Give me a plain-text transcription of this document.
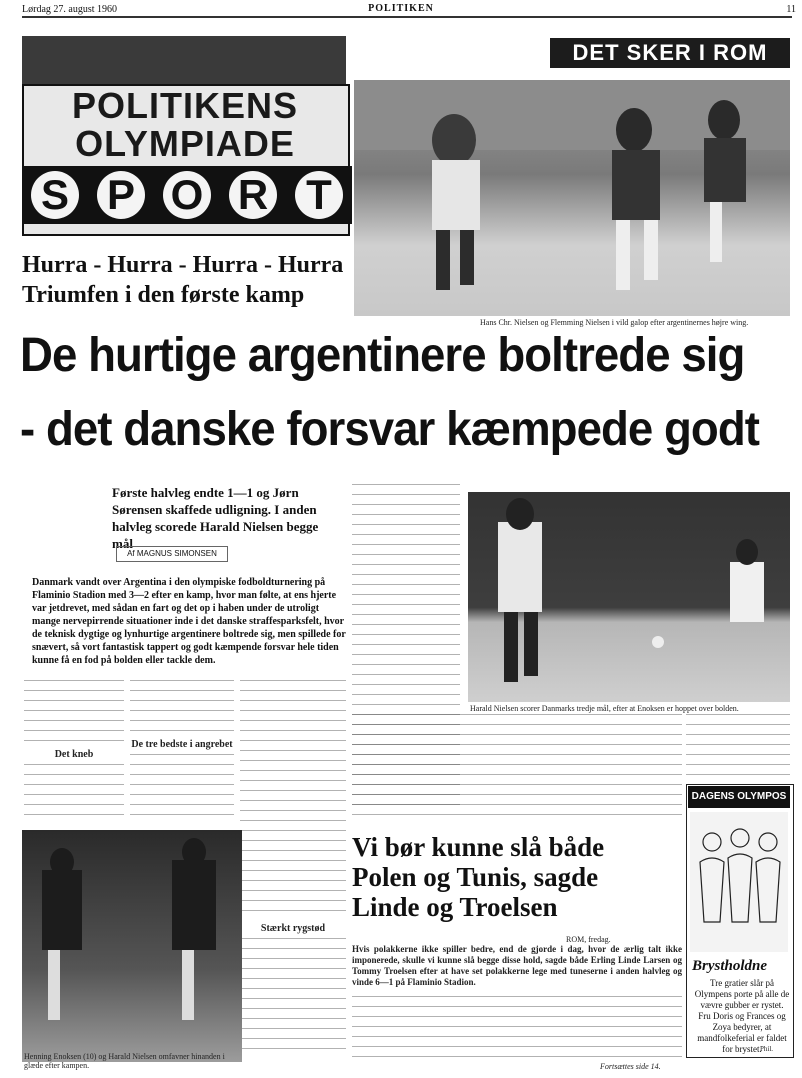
Lørdag 27. august 1960	POLITIKEN	11
DET SKER I ROM
POLITIKENS
OLYMPIADE
S P O R T
Hans Chr. Nielsen og Flemming Nielsen i vild galop efter argentinernes højre wing.
Hurra - Hurra - Hurra - Hurra
Triumfen i den første kamp
De hurtige argentinere boltrede sig
- det danske forsvar kæmpede godt
Første halvleg endte 1—1 og Jørn Sørensen skaffede udligning. I anden halvleg scorede Harald Nielsen begge mål
Af MAGNUS SIMONSEN
Danmark vandt over Argentina i den olympiske fodboldturnering på Flaminio Stadion med 3—2 efter en kamp, hvor man følte, at ens hjerte var jetdrevet, med sådan en fart og det op i haben under de utroligt mange nervepirrende situationer inde i det danske straffesparksfelt, hvor de teknisk dygtige og lynhurtige argentinere boltrede sig, men spillede for snævert, så vort fantastisk tappert og godt kæmpende forsvar hele tiden kunne få en fod på bolden eller tackle dem.
Harald Nielsen scorer Danmarks tredje mål, efter at Enoksen er hoppet over bolden.
Det kneb
De tre bedste i angrebet
Stærkt rygstød
Henning Enoksen (10) og Harald Nielsen omfavner hinanden i glæde efter kampen.
Vi bør kunne slå både Polen og Tunis, sagde Linde og Troelsen
ROM, fredag.
Hvis polakkerne ikke spiller bedre, end de gjorde i dag, hvor de ærlig talt ikke imponerede, skulle vi kunne slå begge disse hold, sagde både Erling Linde Larsen og Tommy Troelsen efter at have set polakkerne lege med tuneserne i anden halvleg og vinde 6—1 på Flaminio Stadion.
Fortsættes side 14.
DAGENS OLYMPOS
Brystholdne
Tre gratier slår på Olympens porte på alle de vævre gubber er rystet. Fru Doris og Frances og Zoya bedyrer, at mandfolkeferial er faldet for brystet.
Phil.
